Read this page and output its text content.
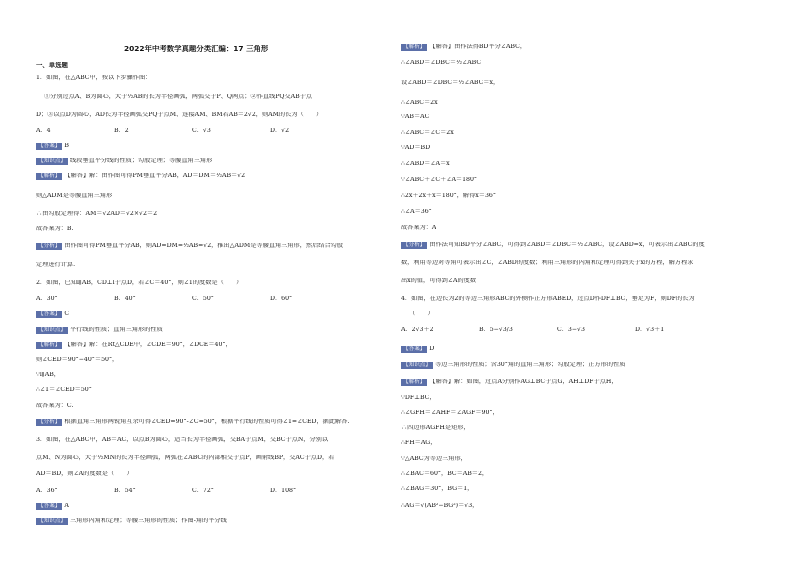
2022年中考数学真题分类汇编：17 三角形
一、单选题
1．如图，在△ABC中，按以下步骤作图：
①分别过点A、B为圆心，大于½AB的长为半径画弧，两弧交于P、Q两点；②作直线PQ交AB于点
D；③以点D为圆心，AD长为半径画弧交PQ于点M、连接AM、BM若AB＝2√2，则AM的长为（　　）
A．4	B．2	C．√3	D．√2
【答案】 B
【知识点】 线段垂直平分线的性质；勾股定理；等腰直角三角形
【解析】 【解答】解：由作图可得PM垂直平分AB，AD＝DM＝½AB＝√2
则△ADM是等腰直角三角形
∴由勾股定理得：AM＝√2AD＝√2×√2＝2
故答案为：B.
【分析】 由作图可得PM垂直平分AB，则AD=DM=½AB=√2，推出△ADM是等腰直角三角形，然后结合勾股
定理进行计算.
2．如图，已知l∥AB，CD⊥l于点D，若∠C＝40°，则∠1的度数是（　　）
A．30°	B．40°	C．50°	D．60°
【答案】 C
【知识点】 平行线的性质；直角三角形的性质
【解析】 【解答】解：在Rt△CDE中，∠CDE＝90°，∠DCE＝40°，
则∠CED＝90°−40°＝50°，
∵l∥AB，
∴∠1＝∠CED＝50°
故答案为：C.
【分析】 根据直角三角形两锐角互余可得∠CED=90°-∠C=50°，根据平行线的性质可得∠1=∠CED，据此解答.
3．如图，在△ABC中，AB＝AC，以点B为圆心，适当长为半径画弧，交BA于点M，交BC于点N，分别以
点M、N为圆心，大于½MN的长为半径画弧，两弧在∠ABC的内部相交于点P，画射线BP，交AC于点D，若
AD＝BD，则∠A的度数是（　　）
A．36°	B．54°	C．72°	D．108°
【答案】 A
【知识点】 三角形内角和定理；等腰三角形的性质；作图-角的平分线
【解析】 【解答】由作法得BD平分∠ABC，
∴∠ABD＝∠DBC＝½∠ABC
设∠ABD＝∠DBC＝½∠ABC＝x，
∴∠ABC＝2x
∵AB＝AC
∴∠ABC＝∠C＝2x
∵AD＝BD
∴∠ABD＝∠A＝x
∵∠ABC＋∠C＋∠A＝180°
∴2x＋2x＋x＝180°，解得x＝36°
∴∠A＝36°
故答案为：A
【分析】 由作法可知BD平分∠ABC，可得到∠ABD＝∠DBC＝½∠ABC，设∠ABD=x，可表示出∠ABC的度
数，利用等边对等角可表示出∠C，∠ABD的度数；利用三角形的内角和定理可得到关于x的方程，解方程求
出x的值，可得到∠A的度数
4．如图，在边长为2的等边三角形ABC的外侧作正方形ABED，过点D作DF⊥BC，垂足为F，则DF的长为
（　　）
A．2√3＋2	B．5−√3/3	C．3−√3	D．√3＋1
【答案】 D
【知识点】 等边三角形的性质；含30°角的直角三角形；勾股定理；正方形的性质
【解析】 【解答】解：如图，过点A分别作AG⊥BC于点G，AH⊥DF于点H，
∵DF⊥BC，
∴∠GFH＝∠AHF＝∠AGF＝90°，
∴四边形AGFH是矩形，
∴FH＝AG，
∵△ABC为等边三角形，
∴∠BAC＝60°，BC＝AB＝2，
∴∠BAG＝30°，BG＝1，
∴AG＝√(AB²−BG²)＝√3，
